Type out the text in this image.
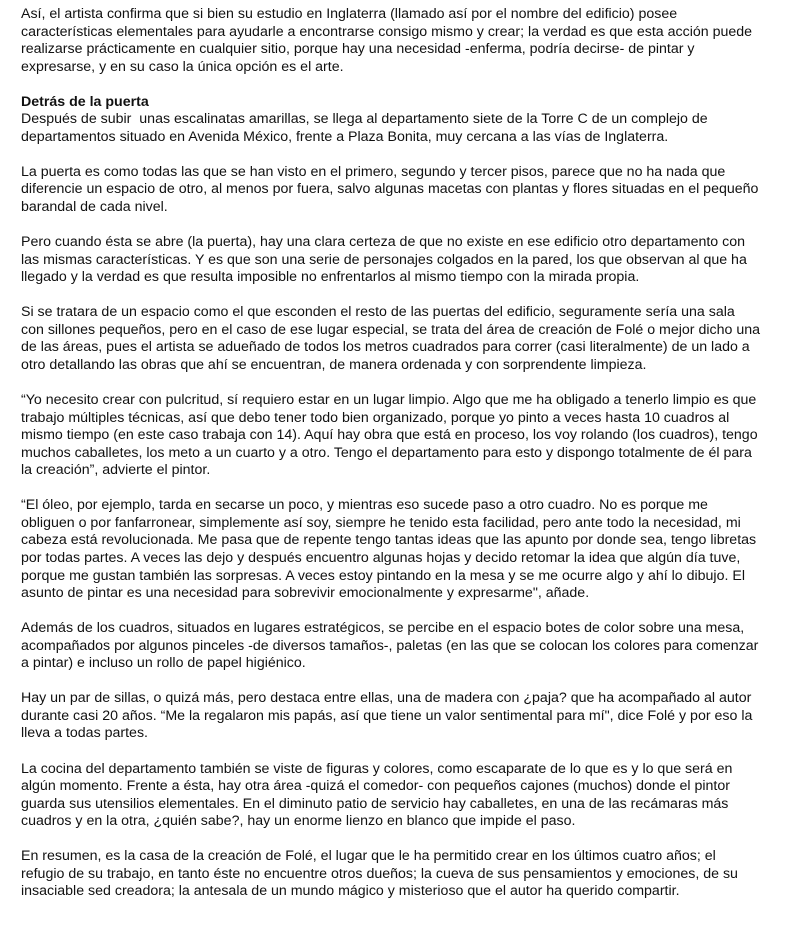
Así, el artista confirma que si bien su estudio en Inglaterra (llamado así por el nombre del edificio) posee
características elementales para ayudarle a encontrarse consigo mismo y crear; la verdad es que esta acción puede
realizarse prácticamente en cualquier sitio, porque hay una necesidad -enferma, podría decirse- de pintar y
expresarse, y en su caso la única opción es el arte.

Detrás de la puerta
Después de subir  unas escalinatas amarillas, se llega al departamento siete de la Torre C de un complejo de
departamentos situado en Avenida México, frente a Plaza Bonita, muy cercana a las vías de Inglaterra.

La puerta es como todas las que se han visto en el primero, segundo y tercer pisos, parece que no ha nada que
diferencie un espacio de otro, al menos por fuera, salvo algunas macetas con plantas y flores situadas en el pequeño
barandal de cada nivel.

Pero cuando ésta se abre (la puerta), hay una clara certeza de que no existe en ese edificio otro departamento con
las mismas características. Y es que son una serie de personajes colgados en la pared, los que observan al que ha
llegado y la verdad es que resulta imposible no enfrentarlos al mismo tiempo con la mirada propia.

Si se tratara de un espacio como el que esconden el resto de las puertas del edificio, seguramente sería una sala
con sillones pequeños, pero en el caso de ese lugar especial, se trata del área de creación de Folé o mejor dicho una
de las áreas, pues el artista se adueñado de todos los metros cuadrados para correr (casi literalmente) de un lado a
otro detallando las obras que ahí se encuentran, de manera ordenada y con sorprendente limpieza.

“Yo necesito crear con pulcritud, sí requiero estar en un lugar limpio. Algo que me ha obligado a tenerlo limpio es que
trabajo múltiples técnicas, así que debo tener todo bien organizado, porque yo pinto a veces hasta 10 cuadros al
mismo tiempo (en este caso trabaja con 14). Aquí hay obra que está en proceso, los voy rolando (los cuadros), tengo
muchos caballetes, los meto a un cuarto y a otro. Tengo el departamento para esto y dispongo totalmente de él para
la creación”, advierte el pintor.

“El óleo, por ejemplo, tarda en secarse un poco, y mientras eso sucede paso a otro cuadro. No es porque me
obliguen o por fanfarronear, simplemente así soy, siempre he tenido esta facilidad, pero ante todo la necesidad, mi
cabeza está revolucionada. Me pasa que de repente tengo tantas ideas que las apunto por donde sea, tengo libretas
por todas partes. A veces las dejo y después encuentro algunas hojas y decido retomar la idea que algún día tuve,
porque me gustan también las sorpresas. A veces estoy pintando en la mesa y se me ocurre algo y ahí lo dibujo. El
asunto de pintar es una necesidad para sobrevivir emocionalmente y expresarme", añade.

Además de los cuadros, situados en lugares estratégicos, se percibe en el espacio botes de color sobre una mesa,
acompañados por algunos pinceles -de diversos tamaños-, paletas (en las que se colocan los colores para comenzar
a pintar) e incluso un rollo de papel higiénico.

Hay un par de sillas, o quizá más, pero destaca entre ellas, una de madera con ¿paja? que ha acompañado al autor
durante casi 20 años. “Me la regalaron mis papás, así que tiene un valor sentimental para mí", dice Folé y por eso la
lleva a todas partes.

La cocina del departamento también se viste de figuras y colores, como escaparate de lo que es y lo que será en
algún momento. Frente a ésta, hay otra área -quizá el comedor- con pequeños cajones (muchos) donde el pintor
guarda sus utensilios elementales. En el diminuto patio de servicio hay caballetes, en una de las recámaras más
cuadros y en la otra, ¿quién sabe?, hay un enorme lienzo en blanco que impide el paso.

En resumen, es la casa de la creación de Folé, el lugar que le ha permitido crear en los últimos cuatro años; el
refugio de su trabajo, en tanto éste no encuentre otros dueños; la cueva de sus pensamientos y emociones, de su
insaciable sed creadora; la antesala de un mundo mágico y misterioso que el autor ha querido compartir.
